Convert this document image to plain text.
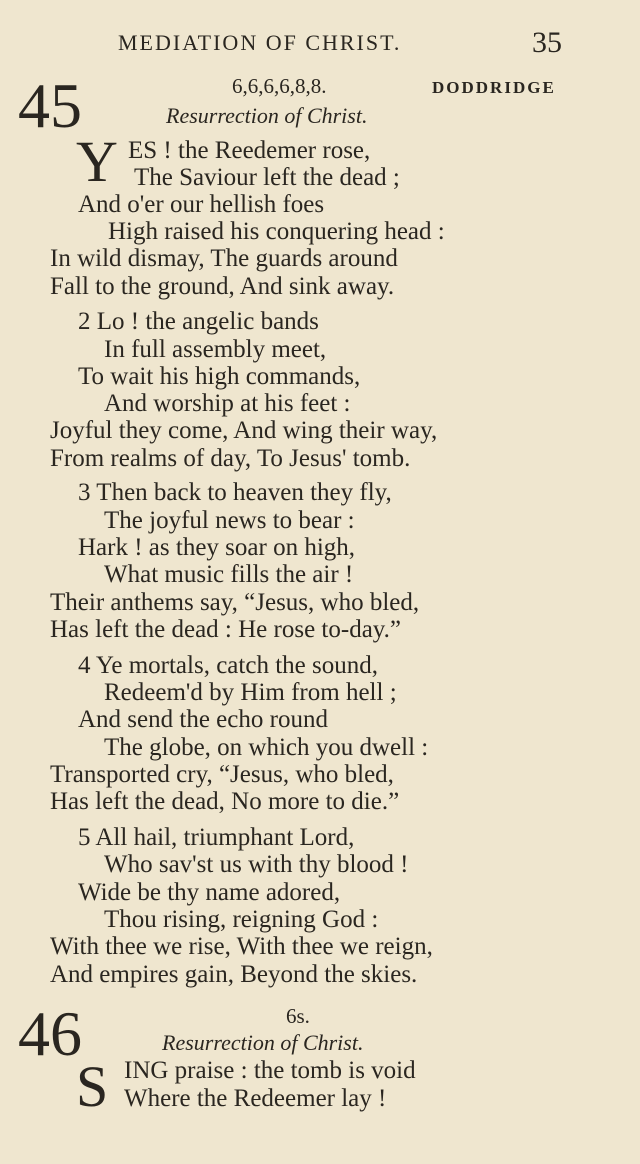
MEDIATION OF CHRIST.	35
45	6,6,6,6,8,8.	DODDRIDGE
Resurrection of Christ.
Y ES ! the Reedemer rose,
The Saviour left the dead ;
And o'er our hellish foes
High raised his conquering head :
In wild dismay, The guards around
Fall to the ground, And sink away.
2 Lo ! the angelic bands
In full assembly meet,
To wait his high commands,
And worship at his feet :
Joyful they come, And wing their way,
From realms of day, To Jesus' tomb.
3 Then back to heaven they fly,
The joyful news to bear :
Hark ! as they soar on high,
What music fills the air !
Their anthems say, “Jesus, who bled,
Has left the dead : He rose to-day.”
4 Ye mortals, catch the sound,
Redeem'd by Him from hell ;
And send the echo round
The globe, on which you dwell :
Transported cry, “Jesus, who bled,
Has left the dead, No more to die.”
5 All hail, triumphant Lord,
Who sav'st us with thy blood !
Wide be thy name adored,
Thou rising, reigning God :
With thee we rise, With thee we reign,
And empires gain, Beyond the skies.
46	6s.
Resurrection of Christ.
S ING praise : the tomb is void
Where the Redeemer lay !
